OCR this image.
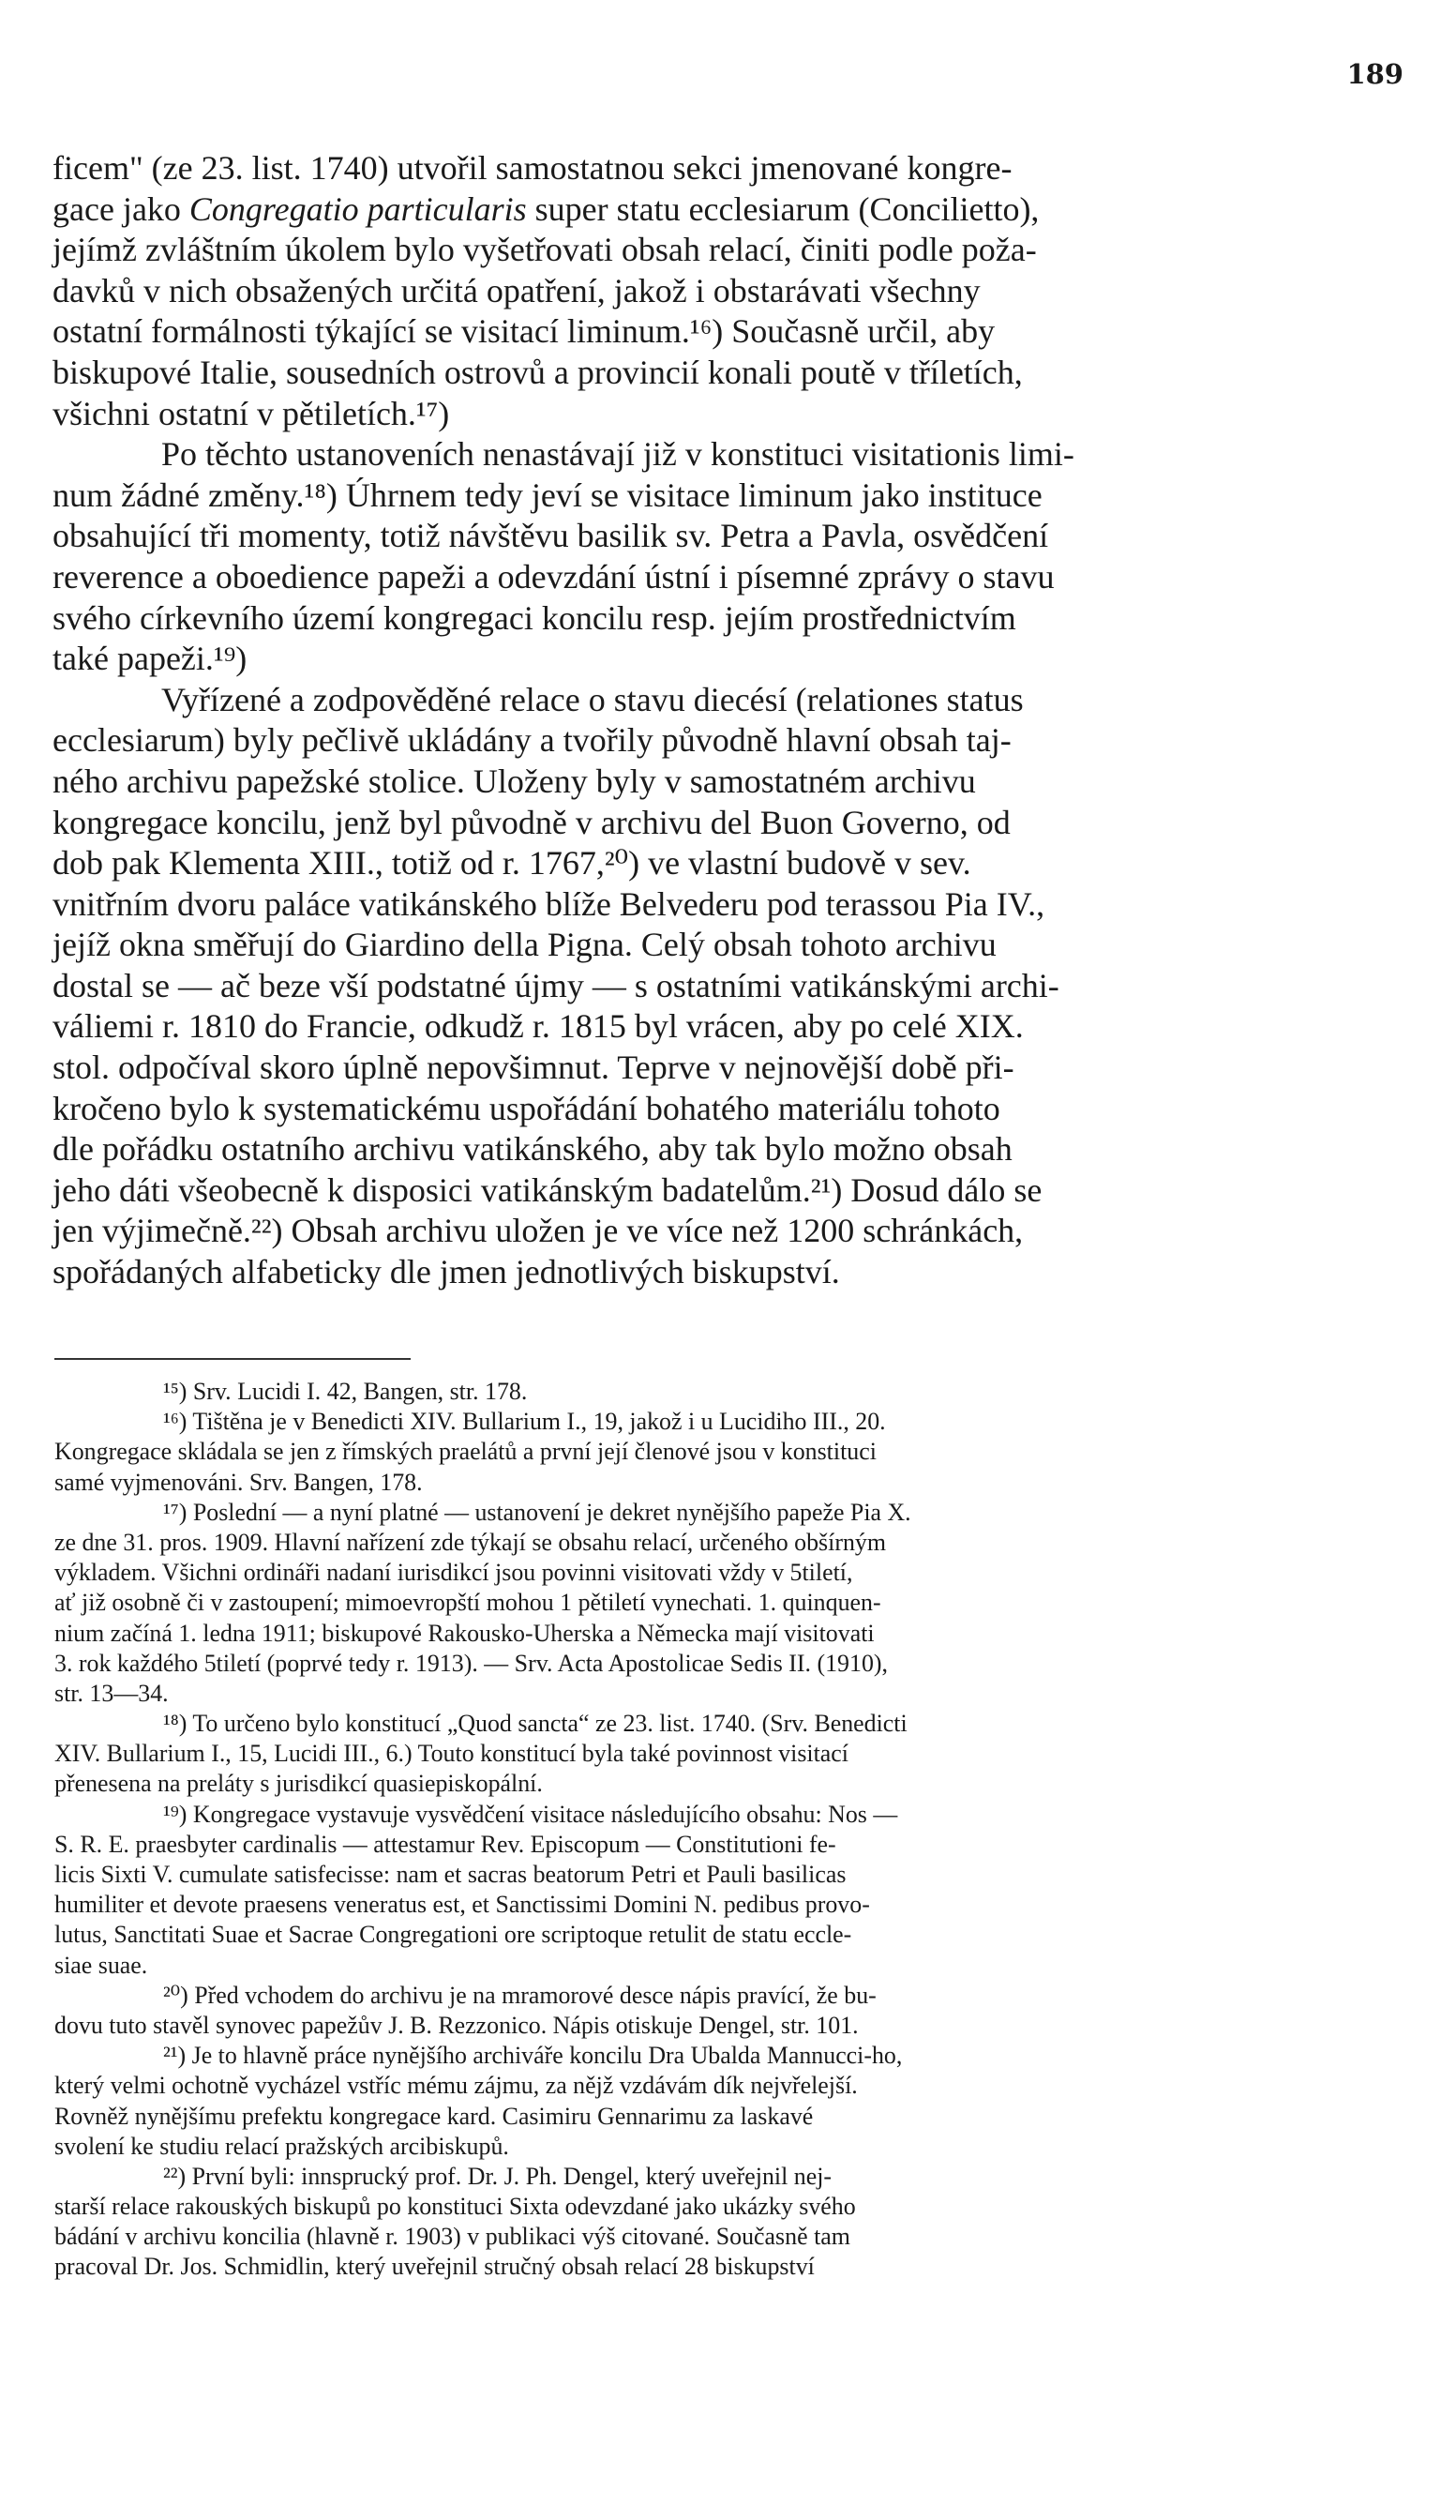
189
ficem" (ze 23. list. 1740) utvořil samostatnou sekci jmenované kongre-
gace jako Congregatio particularis super statu ecclesiarum (Concilietto),
jejímž zvláštním úkolem bylo vyšetřovati obsah relací, činiti podle poža-
davků v nich obsažených určitá opatření, jakož i obstarávati všechny
ostatní formálnosti týkající se visitací liminum.¹⁶) Současně určil, aby
biskupové Italie, sousedních ostrovů a provincií konali poutě v tříletích,
všichni ostatní v pětiletích.¹⁷)
Po těchto ustanoveních nenastávají již v konstituci visitationis limi-
num žádné změny.¹⁸) Úhrnem tedy jeví se visitace liminum jako instituce
obsahující tři momenty, totiž návštěvu basilik sv. Petra a Pavla, osvědčení
reverence a oboedience papeži a odevzdání ústní i písemné zprávy o stavu
svého církevního území kongregaci koncilu resp. jejím prostřednictvím
také papeži.¹⁹)
Vyřízené a zodpověděné relace o stavu diecésí (relationes status
ecclesiarum) byly pečlivě ukládány a tvořily původně hlavní obsah taj-
ného archivu papežské stolice. Uloženy byly v samostatném archivu
kongregace koncilu, jenž byl původně v archivu del Buon Governo, od
dob pak Klementa XIII., totiž od r. 1767,²⁰) ve vlastní budově v sev.
vnitřním dvoru paláce vatikánského blíže Belvederu pod terassou Pia IV.,
jejíž okna směřují do Giardino della Pigna. Celý obsah tohoto archivu
dostal se — ač beze vší podstatné újmy — s ostatními vatikánskými archi-
váliemi r. 1810 do Francie, odkudž r. 1815 byl vrácen, aby po celé XIX.
stol. odpočíval skoro úplně nepovšimnut. Teprve v nejnovější době při-
kročeno bylo k systematickému uspořádání bohatého materiálu tohoto
dle pořádku ostatního archivu vatikánského, aby tak bylo možno obsah
jeho dáti všeobecně k disposici vatikánským badatelům.²¹) Dosud dálo se
jen výjimečně.²²) Obsah archivu uložen je ve více než 1200 schránkách,
spořádaných alfabeticky dle jmen jednotlivých biskupství.
¹⁵) Srv. Lucidi I. 42, Bangen, str. 178.
¹⁶) Tištěna je v Benedicti XIV. Bullarium I., 19, jakož i u Lucidiho III., 20.
Kongregace skládala se jen z římských praelátů a první její členové jsou v konstituci
samé vyjmenováni. Srv. Bangen, 178.
¹⁷) Poslední — a nyní platné — ustanovení je dekret nynějšího papeže Pia X.
ze dne 31. pros. 1909. Hlavní nařízení zde týkají se obsahu relací, určeného obšírným
výkladem. Všichni ordináři nadaní iurisdikcí jsou povinni visitovati vždy v 5tiletí,
ať již osobně či v zastoupení; mimoevropští mohou 1 pětiletí vynechati. 1. quinquen-
nium začíná 1. ledna 1911; biskupové Rakousko-Uherska a Německa mají visitovati
3. rok každého 5tiletí (poprvé tedy r. 1913). — Srv. Acta Apostolicae Sedis II. (1910),
str. 13—34.
¹⁸) To určeno bylo konstitucí „Quod sancta“ ze 23. list. 1740. (Srv. Benedicti
XIV. Bullarium I., 15, Lucidi III., 6.) Touto konstitucí byla také povinnost visitací
přenesena na preláty s jurisdikcí quasiepiskopální.
¹⁹) Kongregace vystavuje vysvědčení visitace následujícího obsahu: Nos —
S. R. E. praesbyter cardinalis — attestamur Rev. Episcopum — Constitutioni fe-
licis Sixti V. cumulate satisfecisse: nam et sacras beatorum Petri et Pauli basilicas
humiliter et devote praesens veneratus est, et Sanctissimi Domini N. pedibus provo-
lutus, Sanctitati Suae et Sacrae Congregationi ore scriptoque retulit de statu eccle-
siae suae.
²⁰) Před vchodem do archivu je na mramorové desce nápis pravící, že bu-
dovu tuto stavěl synovec papežův J. B. Rezzonico. Nápis otiskuje Dengel, str. 101.
²¹) Je to hlavně práce nynějšího archiváře koncilu Dra Ubalda Mannucci-ho,
který velmi ochotně vycházel vstříc mému zájmu, za nějž vzdávám dík nejvřelejší.
Rovněž nynějšímu prefektu kongregace kard. Casimiru Gennarimu za laskavé
svolení ke studiu relací pražských arcibiskupů.
²²) První byli: innsprucký prof. Dr. J. Ph. Dengel, který uveřejnil nej-
starší relace rakouských biskupů po konstituci Sixta odevzdané jako ukázky svého
bádání v archivu koncilia (hlavně r. 1903) v publikaci výš citované. Současně tam
pracoval Dr. Jos. Schmidlin, který uveřejnil stručný obsah relací 28 biskupství
